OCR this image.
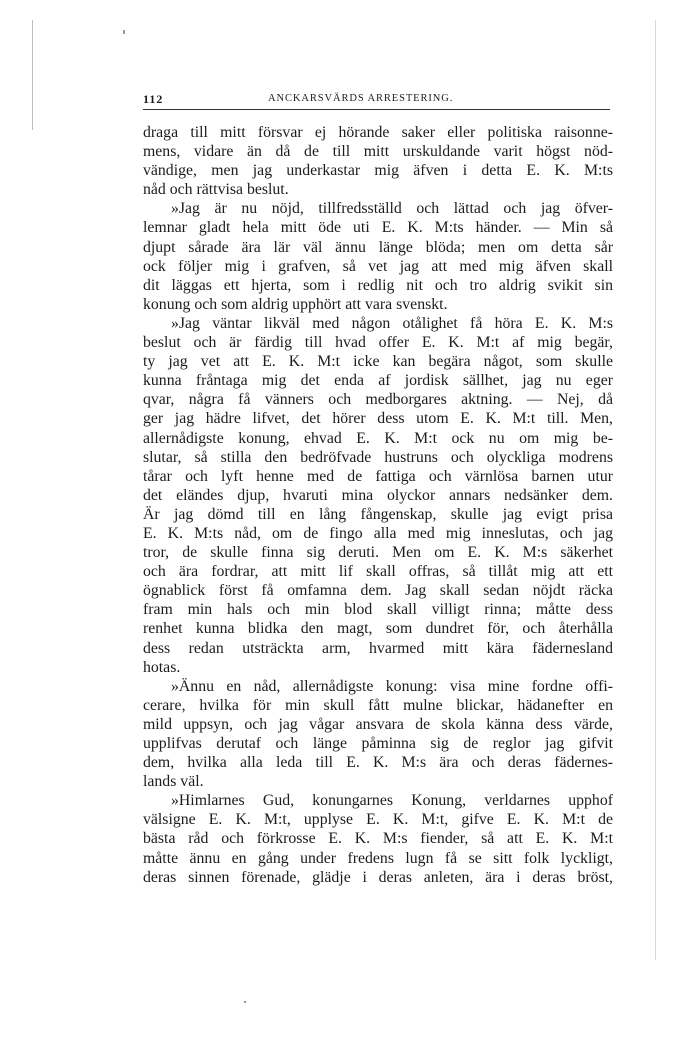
112	ANCKARSVÄRDS ARRESTERING.
draga till mitt försvar ej hörande saker eller politiska raisonne-
mens, vidare än då de till mitt urskuldande varit högst nöd-
vändige, men jag underkastar mig äfven i detta E. K. M:ts
nåd och rättvisa beslut.
»Jag är nu nöjd, tillfredsställd och lättad och jag öfver-
lemnar gladt hela mitt öde uti E. K. M:ts händer. — Min så
djupt sårade ära lär väl ännu länge blöda; men om detta sår
ock följer mig i grafven, så vet jag att med mig äfven skall
dit läggas ett hjerta, som i redlig nit och tro aldrig svikit sin
konung och som aldrig upphört att vara svenskt.
»Jag väntar likväl med någon otålighet få höra E. K. M:s
beslut och är färdig till hvad offer E. K. M:t af mig begär,
ty jag vet att E. K. M:t icke kan begära något, som skulle
kunna fråntaga mig det enda af jordisk sällhet, jag nu eger
qvar, några få vänners och medborgares aktning. — Nej, då
ger jag hädre lifvet, det hörer dess utom E. K. M:t till. Men,
allernådigste konung, ehvad E. K. M:t ock nu om mig be-
slutar, så stilla den bedröfvade hustruns och olyckliga modrens
tårar och lyft henne med de fattiga och värnlösa barnen utur
det eländes djup, hvaruti mina olyckor annars nedsänker dem.
Är jag dömd till en lång fångenskap, skulle jag evigt prisa
E. K. M:ts nåd, om de fingo alla med mig inneslutas, och jag
tror, de skulle finna sig deruti. Men om E. K. M:s säkerhet
och ära fordrar, att mitt lif skall offras, så tillåt mig att ett
ögnablick först få omfamna dem. Jag skall sedan nöjdt räcka
fram min hals och min blod skall villigt rinna; måtte dess
renhet kunna blidka den magt, som dundret för, och återhålla
dess redan utsträckta arm, hvarmed mitt kära fädernesland
hotas.
»Ännu en nåd, allernådigste konung: visa mine fordne offi-
cerare, hvilka för min skull fått mulne blickar, hädanefter en
mild uppsyn, och jag vågar ansvara de skola känna dess värde,
upplifvas derutaf och länge påminna sig de reglor jag gifvit
dem, hvilka alla leda till E. K. M:s ära och deras fädernes-
lands väl.
»Himlarnes Gud, konungarnes Konung, verldarnes upphof
välsigne E. K. M:t, upplyse E. K. M:t, gifve E. K. M:t de
bästa råd och förkrosse E. K. M:s fiender, så att E. K. M:t
måtte ännu en gång under fredens lugn få se sitt folk lyckligt,
deras sinnen förenade, glädje i deras anleten, ära i deras bröst,
